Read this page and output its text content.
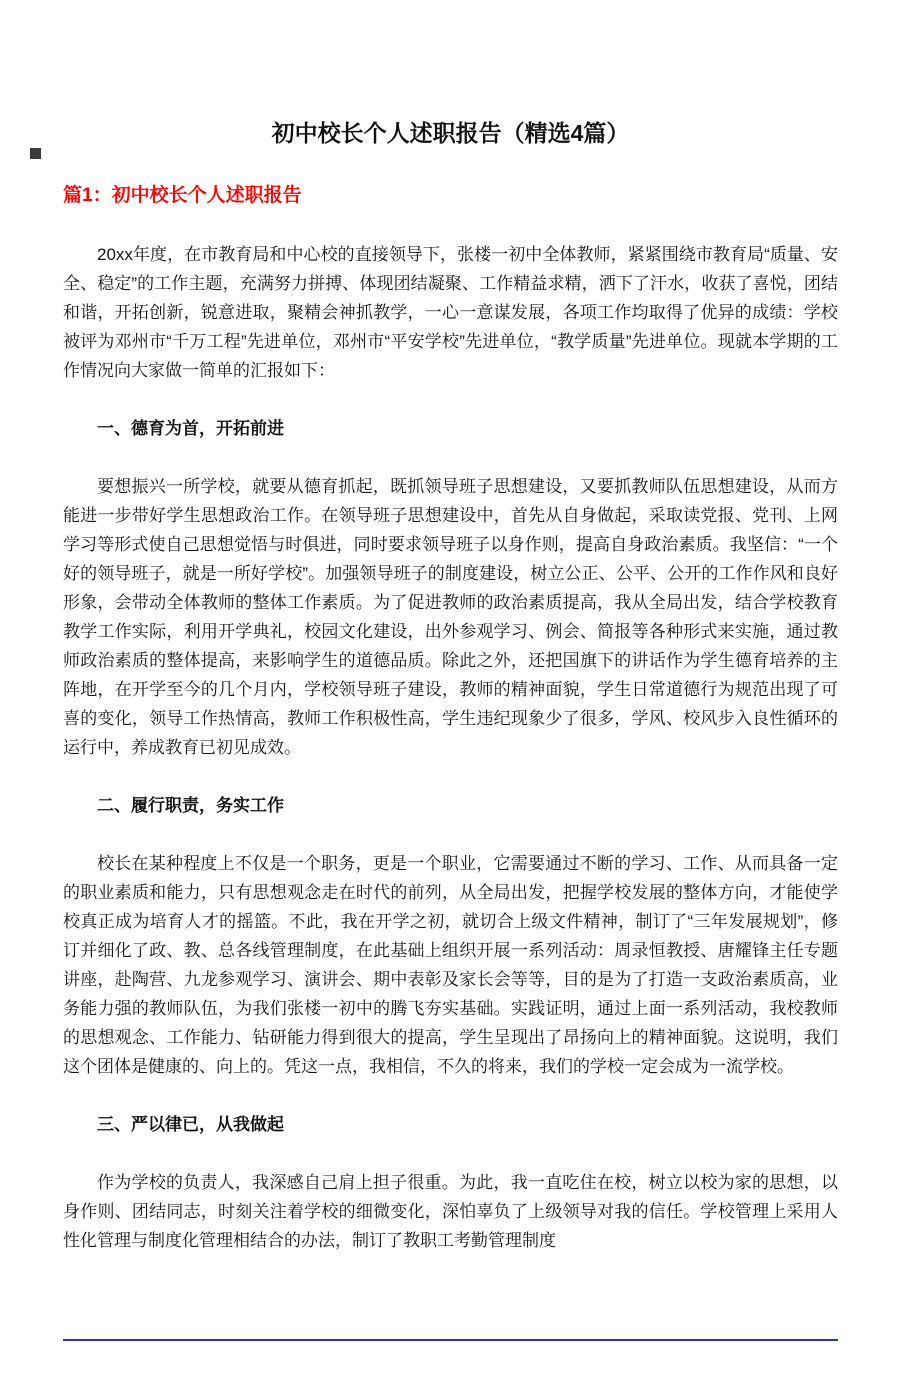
初中校长个人述职报告（精选4篇）
篇1：初中校长个人述职报告

20xx年度，在市教育局和中心校的直接领导下，张楼一初中全体教师，紧紧围绕市教育局“质量、安全、稳定”的工作主题，充满努力拼搏、体现团结凝聚、工作精益求精，洒下了汗水，收获了喜悦，团结和谐，开拓创新，锐意进取，聚精会神抓教学，一心一意谋发展，各项工作均取得了优异的成绩：学校被评为邓州市“千万工程”先进单位，邓州市“平安学校”先进单位，“教学质量”先进单位。现就本学期的工作情况向大家做一简单的汇报如下：

一、德育为首，开拓前进

要想振兴一所学校，就要从德育抓起，既抓领导班子思想建设，又要抓教师队伍思想建设，从而方能进一步带好学生思想政治工作。在领导班子思想建设中，首先从自身做起，采取读党报、党刊、上网学习等形式使自己思想觉悟与时俱进，同时要求领导班子以身作则，提高自身政治素质。我坚信：“一个好的领导班子，就是一所好学校”。加强领导班子的制度建设，树立公正、公平、公开的工作作风和良好形象，会带动全体教师的整体工作素质。为了促进教师的政治素质提高，我从全局出发，结合学校教育教学工作实际，利用开学典礼，校园文化建设，出外参观学习、例会、简报等各种形式来实施，通过教师政治素质的整体提高，来影响学生的道德品质。除此之外，还把国旗下的讲话作为学生德育培养的主阵地，在开学至今的几个月内，学校领导班子建设，教师的精神面貌，学生日常道德行为规范出现了可喜的变化，领导工作热情高，教师工作积极性高，学生违纪现象少了很多，学风、校风步入良性循环的运行中，养成教育已初见成效。

二、履行职责，务实工作

校长在某种程度上不仅是一个职务，更是一个职业，它需要通过不断的学习、工作、从而具备一定的职业素质和能力，只有思想观念走在时代的前列，从全局出发，把握学校发展的整体方向，才能使学校真正成为培育人才的摇篮。不此，我在开学之初，就切合上级文件精神，制订了“三年发展规划”，修订并细化了政、教、总各线管理制度，在此基础上组织开展一系列活动：周录恒教授、唐耀锋主任专题讲座，赴陶营、九龙参观学习、演讲会、期中表彰及家长会等等，目的是为了打造一支政治素质高，业务能力强的教师队伍，为我们张楼一初中的腾飞夯实基础。实践证明，通过上面一系列活动，我校教师的思想观念、工作能力、钻研能力得到很大的提高，学生呈现出了昂扬向上的精神面貌。这说明，我们这个团体是健康的、向上的。凭这一点，我相信，不久的将来，我们的学校一定会成为一流学校。

三、严以律已，从我做起

作为学校的负责人，我深感自己肩上担子很重。为此，我一直吃住在校，树立以校为家的思想，以身作则、团结同志，时刻关注着学校的细微变化，深怕辜负了上级领导对我的信任。学校管理上采用人性化管理与制度化管理相结合的办法，制订了教职工考勤管理制度
